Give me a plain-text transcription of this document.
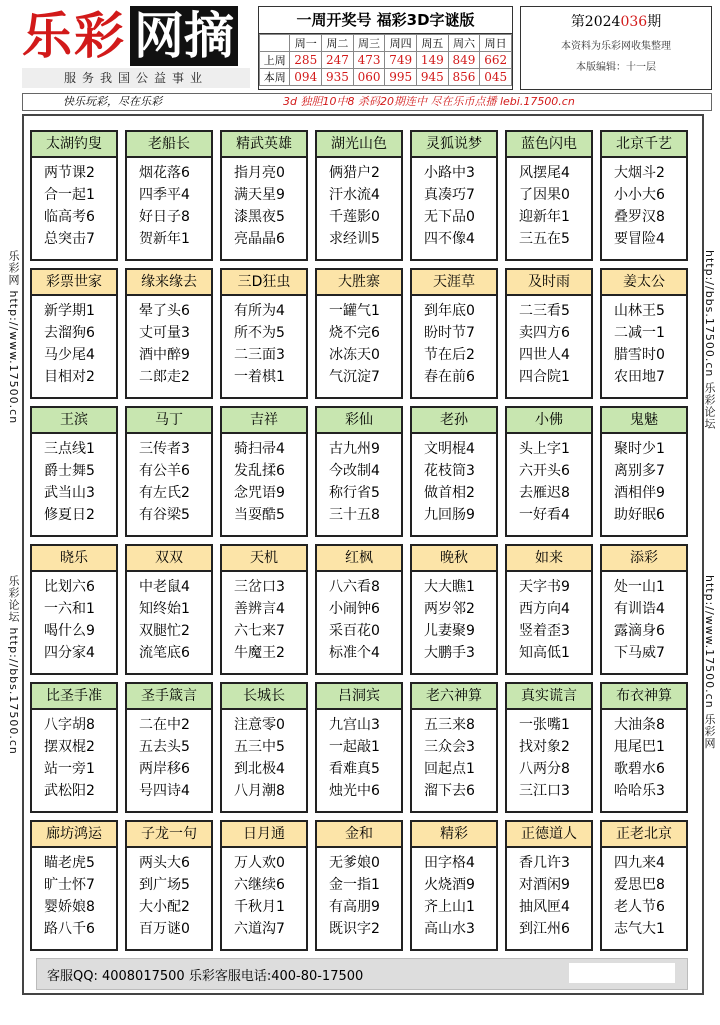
乐彩 网摘
服务我国公益事业
一周开奖号 福彩3D字谜版
	周一	周二	周三	周四	周五	周六	周日
上周	285	247	473	749	149	849	662
本周	094	935	060	995	945	856	045
第2024036期
本资料为乐彩网收集整理
本版编辑：十一层
快乐玩彩，尽在乐彩	3d 独胆10中8 杀码20期连中 尽在乐币点播 lebi.17500.cn
乐彩网 http://www.17500.cn
乐彩论坛 http://bbs.17500.cn
http://bbs.17500.cn 乐彩论坛
http://www.17500.cn 乐彩网
太湖钓叟
两节课2
合一起1
临高考6
总突击7
老船长
烟花落6
四季平4
好日子8
贺新年1
精武英雄
指月亮0
满天星9
漆黑夜5
亮晶晶6
湖光山色
俩猎户2
汗水流4
千莲影0
求经训5
灵狐说梦
小路中3
真凑巧7
无下品0
四不像4
蓝色闪电
风摆尾4
了因果0
迎新年1
三五在5
北京千艺
大烟斗2
小小大6
叠罗汉8
要冒险4
彩票世家
新学期1
去溜狗6
马少尾4
目相对2
缘来缘去
晕了头6
丈可量3
酒中醉9
二郎走2
三D狂虫
有所为4
所不为5
二三面3
一着棋1
大胜寨
一罐气1
烧不完6
冰冻天0
气沉淀7
天涯草
到年底0
盼时节7
节在后2
春在前6
及时雨
二三看5
卖四方6
四世人4
四合院1
姜太公
山林王5
二减一1
腊雪时0
农田地7
王滨
三点线1
爵士舞5
武当山3
修夏日2
马丁
三传者3
有公羊6
有左氏2
有谷梁5
吉祥
骑扫帚4
发乱揉6
念咒语9
当耍酷5
彩仙
古九州9
今改制4
称行省5
三十五8
老孙
文明棍4
花枝筒3
做首相2
九回肠9
小佛
头上字1
六开头6
去雁迟8
一好看4
鬼魅
聚时少1
离别多7
酒相伴9
助好眠6
晓乐
比划六6
一六和1
喝什么9
四分家4
双双
中老鼠4
知终始1
双腿忙2
流笔底6
天机
三岔口3
善辨言4
六七来7
牛魔王2
红枫
八六看8
小闹钟6
采百花0
标准个4
晚秋
大大瞧1
两岁邻2
儿妻聚9
大鹏手3
如来
天字书9
西方向4
竖着歪3
知高低1
添彩
处一山1
有训诰4
露滴身6
下马威7
比圣手准
八字胡8
摆双棍2
站一旁1
武松阳2
圣手箴言
二在中2
五去头5
两岸移6
号四诗4
长城长
注意零0
五三中5
到北极4
八月潮8
吕洞宾
九宫山3
一起敲1
看难真5
烛光中6
老六神算
五三来8
三众会3
回起点1
溜下去6
真实谎言
一张嘴1
找对象2
八两分8
三江口3
布衣神算
大油条8
甩尾巴1
歌碧水6
哈哈乐3
廊坊鸿运
瞄老虎5
旷士怀7
婴娇娘8
路八千6
子龙一句
两头大6
到广场5
大小配2
百万谜0
日月通
万人欢0
六继续6
千秋月1
六道沟7
金和
无爹娘0
金一指1
有高朋9
既识字2
精彩
田字格4
火烧酒9
齐上山1
高山水3
正德道人
香几许3
对酒闲9
抽风匣4
到江州6
正老北京
四九来4
爱思巴8
老人节6
志气大1
客服QQ: 4008017500 乐彩客服电话:400-80-17500
